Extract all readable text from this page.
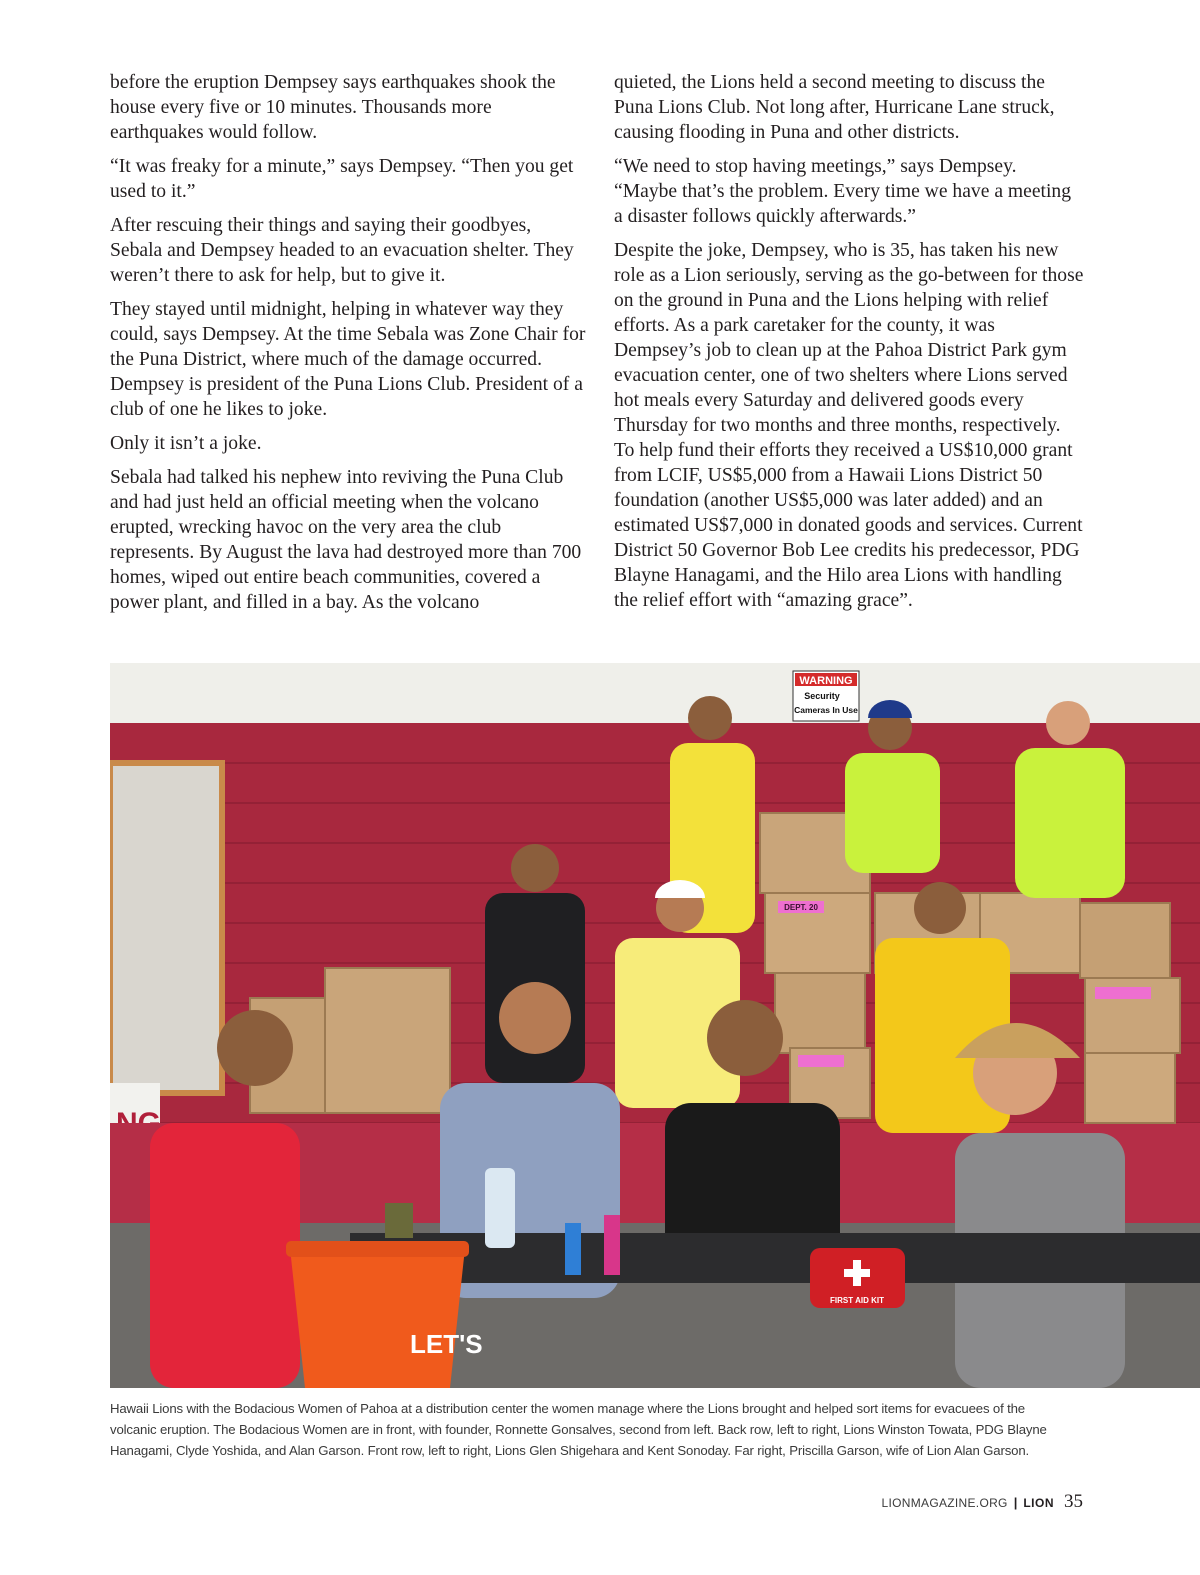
before the eruption Dempsey says earthquakes shook the house every five or 10 minutes. Thousands more earthquakes would follow.

“It was freaky for a minute,” says Dempsey. “Then you get used to it.”

After rescuing their things and saying their goodbyes, Sebala and Dempsey headed to an evacuation shelter. They weren’t there to ask for help, but to give it.

They stayed until midnight, helping in whatever way they could, says Dempsey. At the time Sebala was Zone Chair for the Puna District, where much of the damage occurred. Dempsey is president of the Puna Lions Club. President of a club of one he likes to joke.

Only it isn’t a joke.

Sebala had talked his nephew into reviving the Puna Club and had just held an official meeting when the volcano erupted, wrecking havoc on the very area the club represents. By August the lava had destroyed more than 700 homes, wiped out entire beach communities, covered a power plant, and filled in a bay. As the volcano

quieted, the Lions held a second meeting to discuss the Puna Lions Club. Not long after, Hurricane Lane struck, causing flooding in Puna and other districts.

“We need to stop having meetings,” says Dempsey. “Maybe that’s the problem. Every time we have a meeting a disaster follows quickly afterwards.”

Despite the joke, Dempsey, who is 35, has taken his new role as a Lion seriously, serving as the go-between for those on the ground in Puna and the Lions helping with relief efforts. As a park caretaker for the county, it was Dempsey’s job to clean up at the Pahoa District Park gym evacuation center, one of two shelters where Lions served hot meals every Saturday and delivered goods every Thursday for two months and three months, respectively. To help fund their efforts they received a US$10,000 grant from LCIF, US$5,000 from a Hawaii Lions District 50 foundation (another US$5,000 was later added) and an estimated US$7,000 in donated goods and services. Current District 50 Governor Bob Lee credits his predecessor, PDG Blayne Hanagami, and the Hilo area Lions with handling the relief effort with “amazing grace”.

WARNING
Security
Cameras In Use
DEPT. 20
FIRST AID KIT
LET'S

Hawaii Lions with the Bodacious Women of Pahoa at a distribution center the women manage where the Lions brought and helped sort items for evacuees of the volcanic eruption. The Bodacious Women are in front, with founder, Ronnette Gonsalves, second from left. Back row, left to right, Lions Winston Towata, PDG Blayne Hanagami, Clyde Yoshida, and Alan Garson. Front row, left to right, Lions Glen Shigehara and Kent Sonoday. Far right, Priscilla Garson, wife of Lion Alan Garson.

LIONMAGAZINE.ORG | LION 35
